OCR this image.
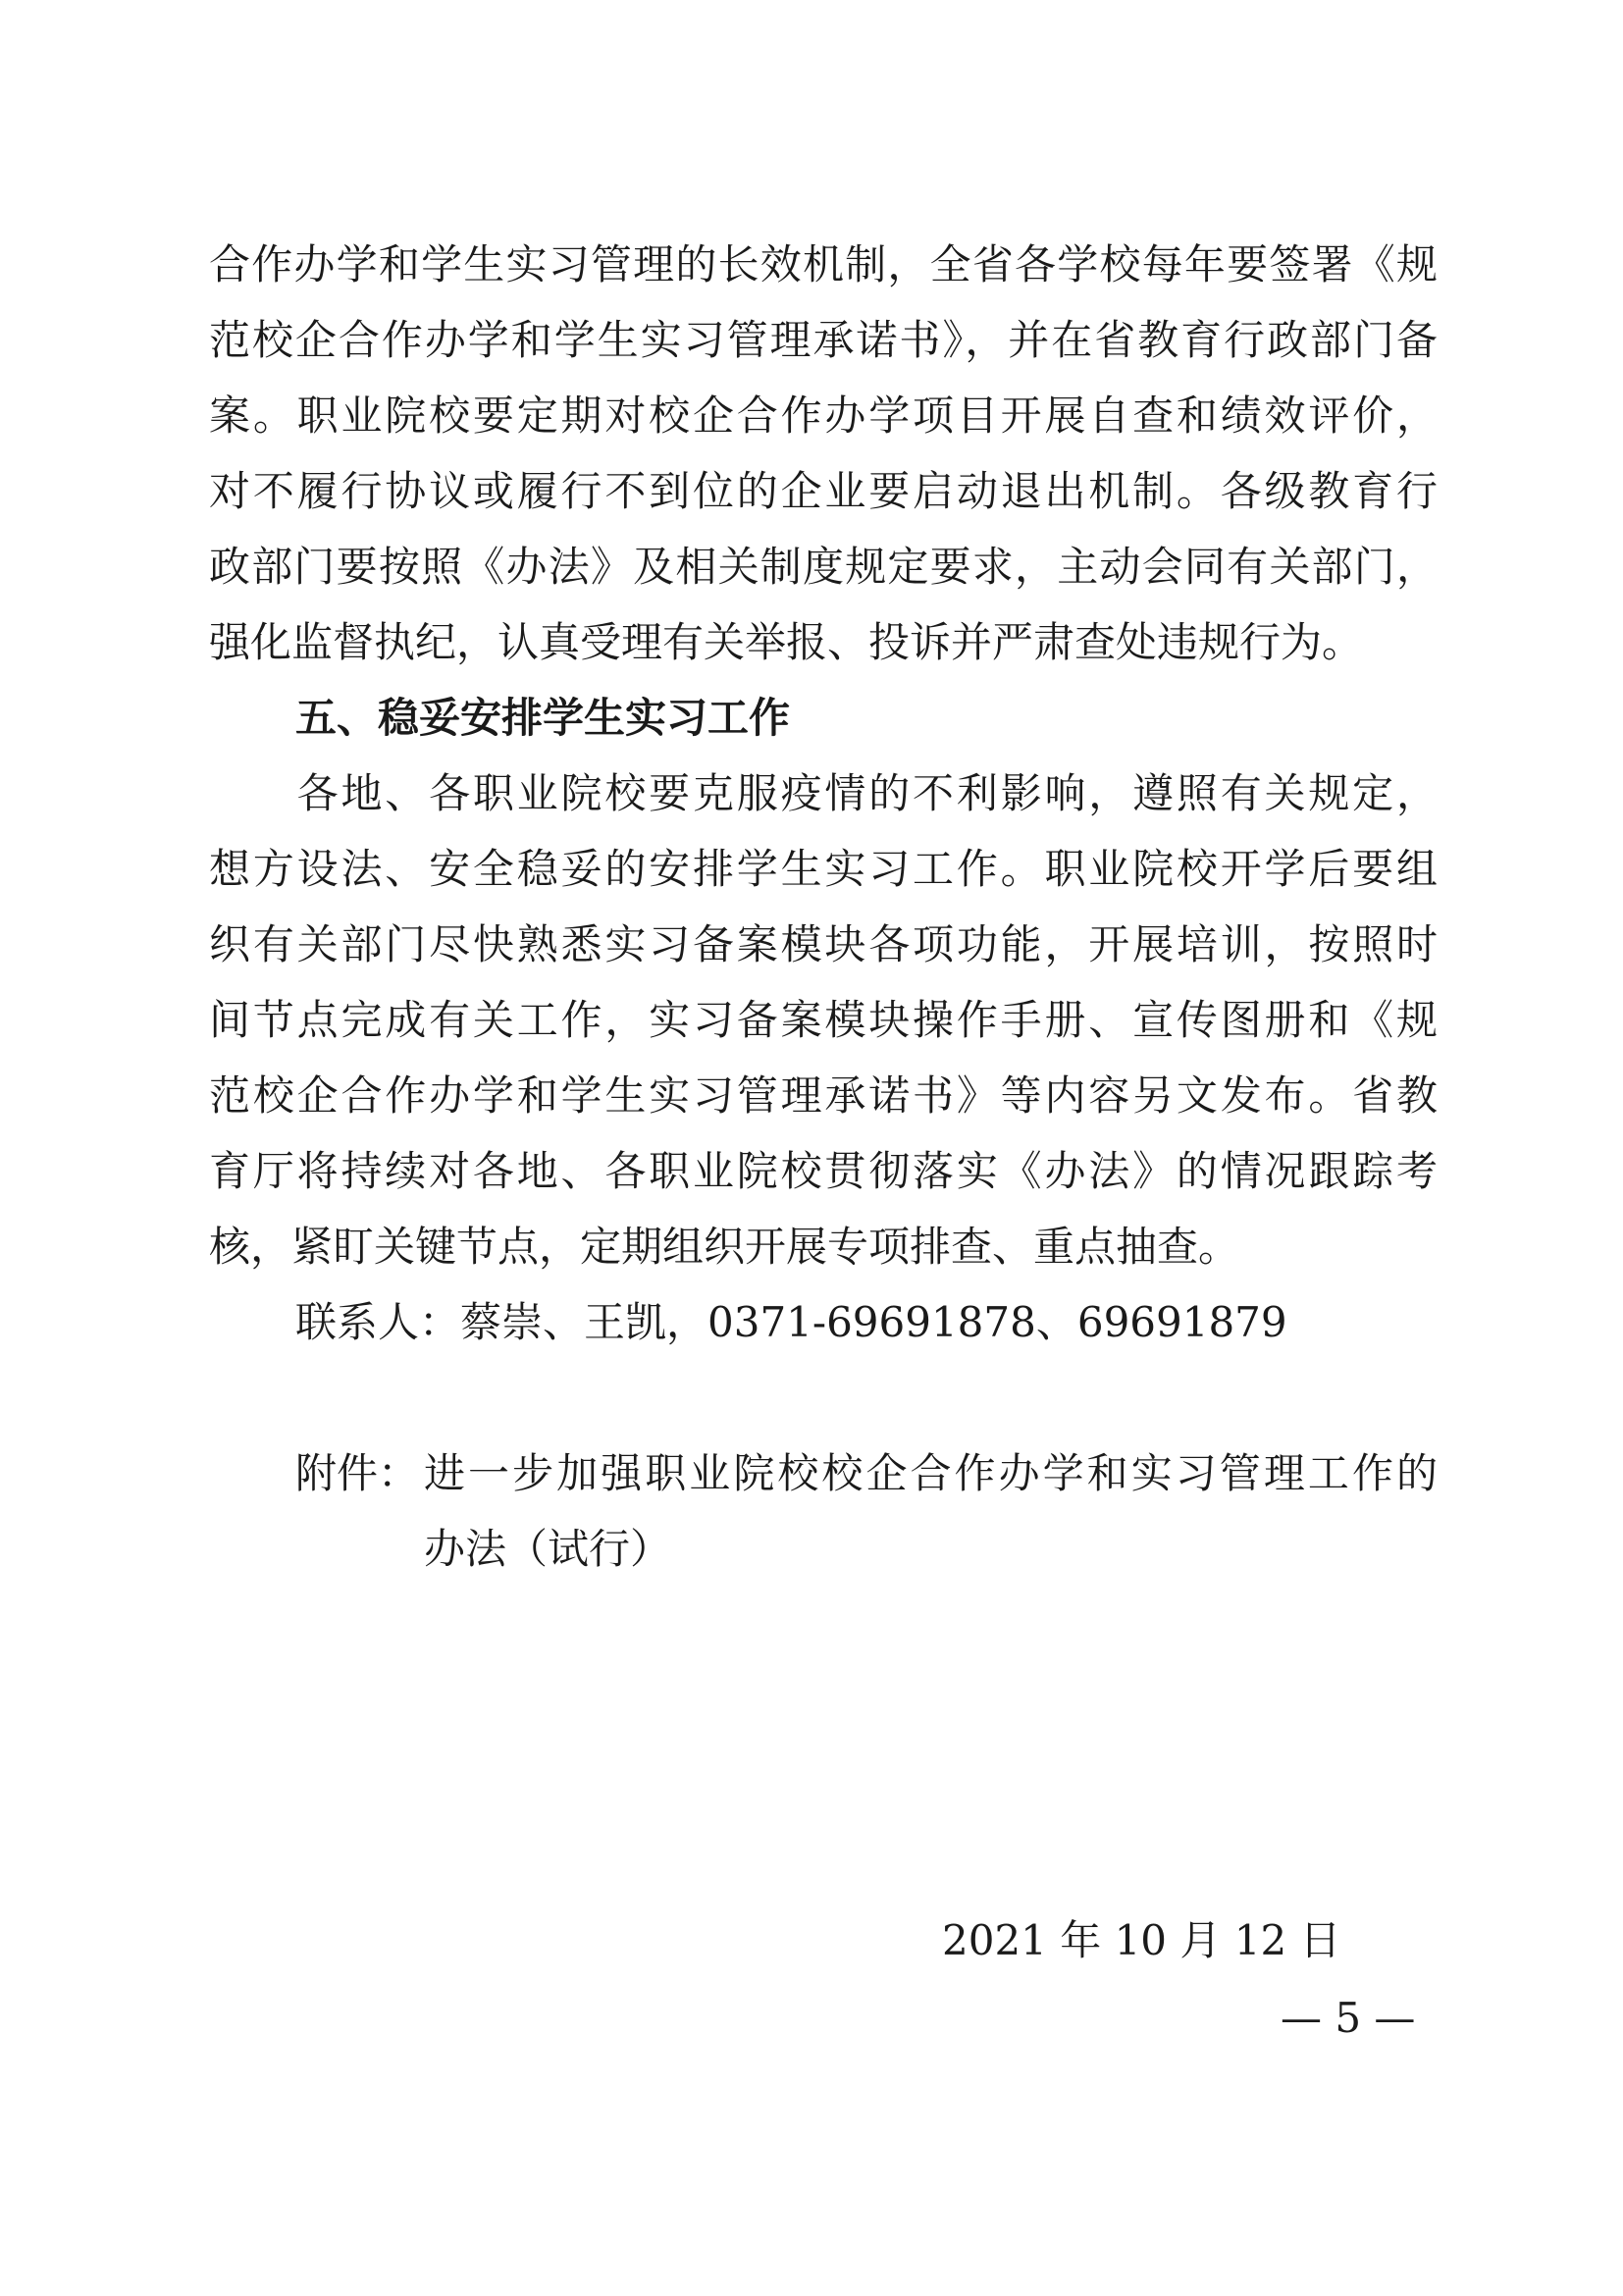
合作办学和学生实习管理的长效机制，全省各学校每年要签署《规
范校企合作办学和学生实习管理承诺书》，并在省教育行政部门备
案。职业院校要定期对校企合作办学项目开展自查和绩效评价，
对不履行协议或履行不到位的企业要启动退出机制。各级教育行
政部门要按照《办法》及相关制度规定要求，主动会同有关部门，
强化监督执纪，认真受理有关举报、投诉并严肃查处违规行为。
五、稳妥安排学生实习工作
　　各地、各职业院校要克服疫情的不利影响，遵照有关规定，
想方设法、安全稳妥的安排学生实习工作。职业院校开学后要组
织有关部门尽快熟悉实习备案模块各项功能，开展培训，按照时
间节点完成有关工作，实习备案模块操作手册、宣传图册和《规
范校企合作办学和学生实习管理承诺书》等内容另文发布。省教
育厅将持续对各地、各职业院校贯彻落实《办法》的情况跟踪考
核，紧盯关键节点，定期组织开展专项排查、重点抽查。
联系人：蔡崇、王凯，0371-69691878、69691879
附件： 进一步加强职业院校校企合作办学和实习管理工作的
办法（试行）
2021 年 10 月 12 日
— 5 —
